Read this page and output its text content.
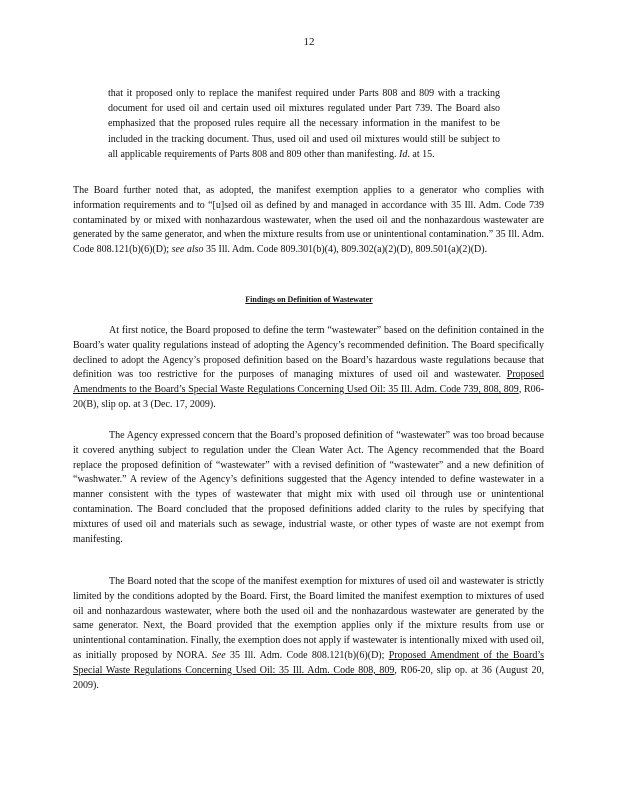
12
that it proposed only to replace the manifest required under Parts 808 and 809 with a tracking document for used oil and certain used oil mixtures regulated under Part 739. The Board also emphasized that the proposed rules require all the necessary information in the manifest to be included in the tracking document. Thus, used oil and used oil mixtures would still be subject to all applicable requirements of Parts 808 and 809 other than manifesting. Id. at 15.
The Board further noted that, as adopted, the manifest exemption applies to a generator who complies with information requirements and to “[u]sed oil as defined by and managed in accordance with 35 Ill. Adm. Code 739 contaminated by or mixed with nonhazardous wastewater, when the used oil and the nonhazardous wastewater are generated by the same generator, and when the mixture results from use or unintentional contamination.” 35 Ill. Adm. Code 808.121(b)(6)(D); see also 35 Ill. Adm. Code 809.301(b)(4), 809.302(a)(2)(D), 809.501(a)(2)(D).
Findings on Definition of Wastewater
At first notice, the Board proposed to define the term “wastewater” based on the definition contained in the Board’s water quality regulations instead of adopting the Agency’s recommended definition. The Board specifically declined to adopt the Agency’s proposed definition based on the Board’s hazardous waste regulations because that definition was too restrictive for the purposes of managing mixtures of used oil and wastewater. Proposed Amendments to the Board’s Special Waste Regulations Concerning Used Oil: 35 Ill. Adm. Code 739, 808, 809, R06-20(B), slip op. at 3 (Dec. 17, 2009).
The Agency expressed concern that the Board’s proposed definition of “wastewater” was too broad because it covered anything subject to regulation under the Clean Water Act. The Agency recommended that the Board replace the proposed definition of “wastewater” with a revised definition of “wastewater” and a new definition of “washwater.” A review of the Agency’s definitions suggested that the Agency intended to define wastewater in a manner consistent with the types of wastewater that might mix with used oil through use or unintentional contamination. The Board concluded that the proposed definitions added clarity to the rules by specifying that mixtures of used oil and materials such as sewage, industrial waste, or other types of waste are not exempt from manifesting.
The Board noted that the scope of the manifest exemption for mixtures of used oil and wastewater is strictly limited by the conditions adopted by the Board. First, the Board limited the manifest exemption to mixtures of used oil and nonhazardous wastewater, where both the used oil and the nonhazardous wastewater are generated by the same generator. Next, the Board provided that the exemption applies only if the mixture results from use or unintentional contamination. Finally, the exemption does not apply if wastewater is intentionally mixed with used oil, as initially proposed by NORA. See 35 Ill. Adm. Code 808.121(b)(6)(D); Proposed Amendment of the Board’s Special Waste Regulations Concerning Used Oil: 35 Ill. Adm. Code 808, 809, R06-20, slip op. at 36 (August 20, 2009).
